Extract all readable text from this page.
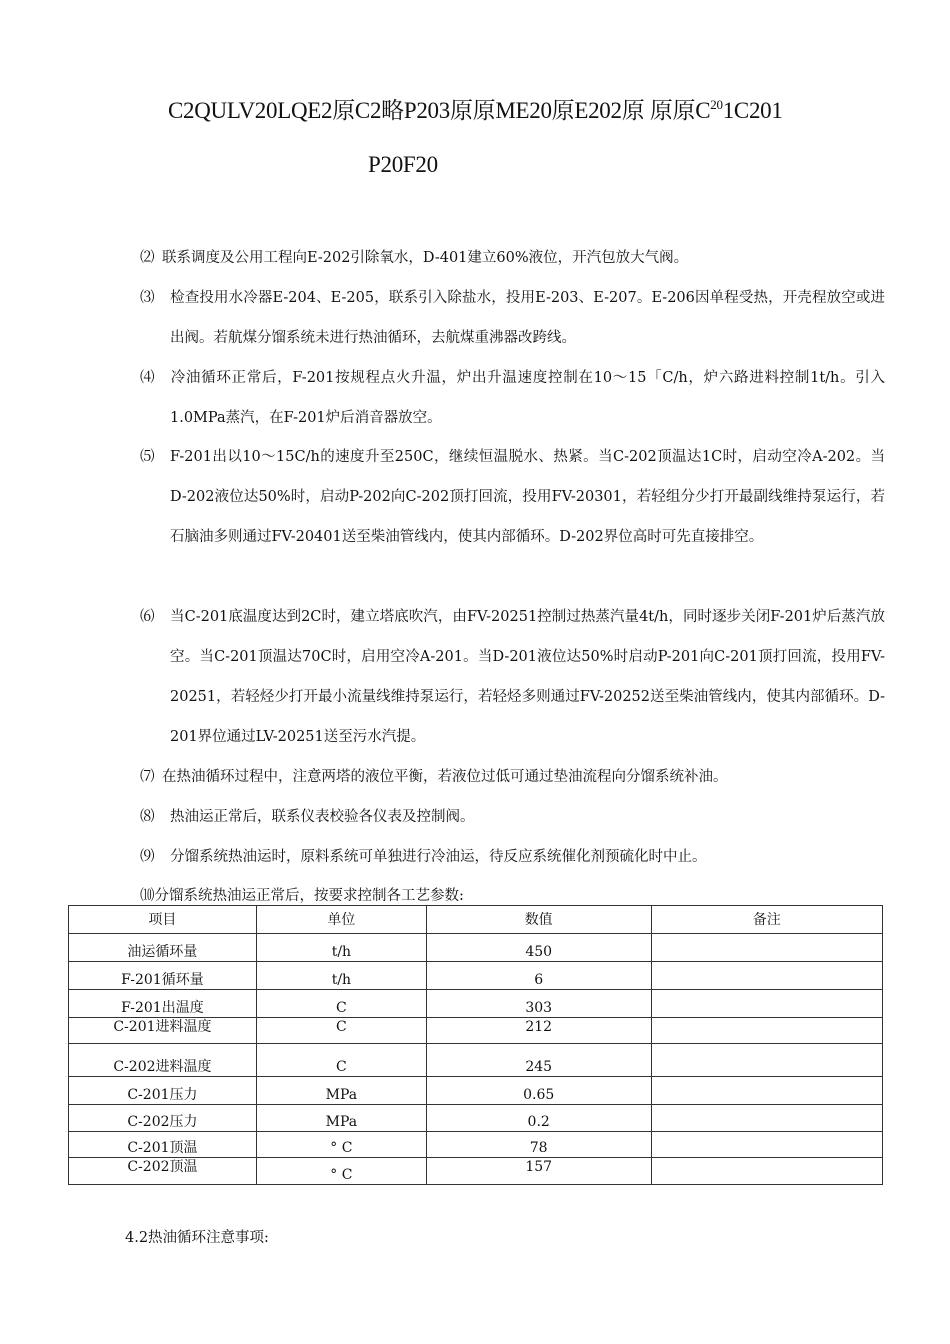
C2QULV20LQE2原C2略P203原原ME20原E202原 原原$C^{20}1C201$
P20F20
⑵ 联系调度及公用工程向E-202引除氧水，D-401建立60%液位，开汽包放大气阀。
⑶ 检查投用水冷器E-204、E-205，联系引入除盐水，投用E-203、E-207。E-206因单程受热，开壳程放空或进出阀。若航煤分馏系统未进行热油循环，去航煤重沸器改跨线。
⑷ 冷油循环正常后，F-201按规程点火升温，炉出升温速度控制在10〜15「C/h，炉六路进料控制1t/h。引入1.0MPa蒸汽，在F-201炉后消音器放空。
⑸ F-201出以10〜15C/h的速度升至250C，继续恒温脱水、热紧。当C-202顶温达1C时，启动空冷A-202。当D-202液位达50%时，启动P-202向C-202顶打回流，投用FV-20301，若轻组分少打开最副线维持泵运行，若石脑油多则通过FV-20401送至柴油管线内，使其内部循环。D-202界位高时可先直接排空。
⑹ 当C-201底温度达到2C时，建立塔底吹汽，由FV-20251控制过热蒸汽量4t/h，同时逐步关闭F-201炉后蒸汽放空。当C-201顶温达70C时，启用空冷A-201。当D-201液位达50%时启动P-201向C-201顶打回流，投用FV-20251，若轻烃少打开最小流量线维持泵运行，若轻烃多则通过FV-20252送至柴油管线内，使其内部循环。D-201界位通过LV-20251送至污水汽提。
⑺ 在热油循环过程中，注意两塔的液位平衡，若液位过低可通过垫油流程向分馏系统补油。
⑻ 热油运正常后，联系仪表校验各仪表及控制阀。
⑼ 分馏系统热油运时，原料系统可单独进行冷油运，待反应系统催化剂预硫化时中止。
⑽分馏系统热油运正常后，按要求控制各工艺参数:
项目	单位	数值	备注
油运循环量	t/h	450	
F-201循环量	t/h	6	
F-201出温度	C	303	
C-201进料温度	C	212	
C-202进料温度	C	245	
C-201压力	MPa	0.65	
C-202压力	MPa	0.2	
C-201顶温	° C	78	
C-202顶温	° C	157	
4.2热油循环注意事项:
